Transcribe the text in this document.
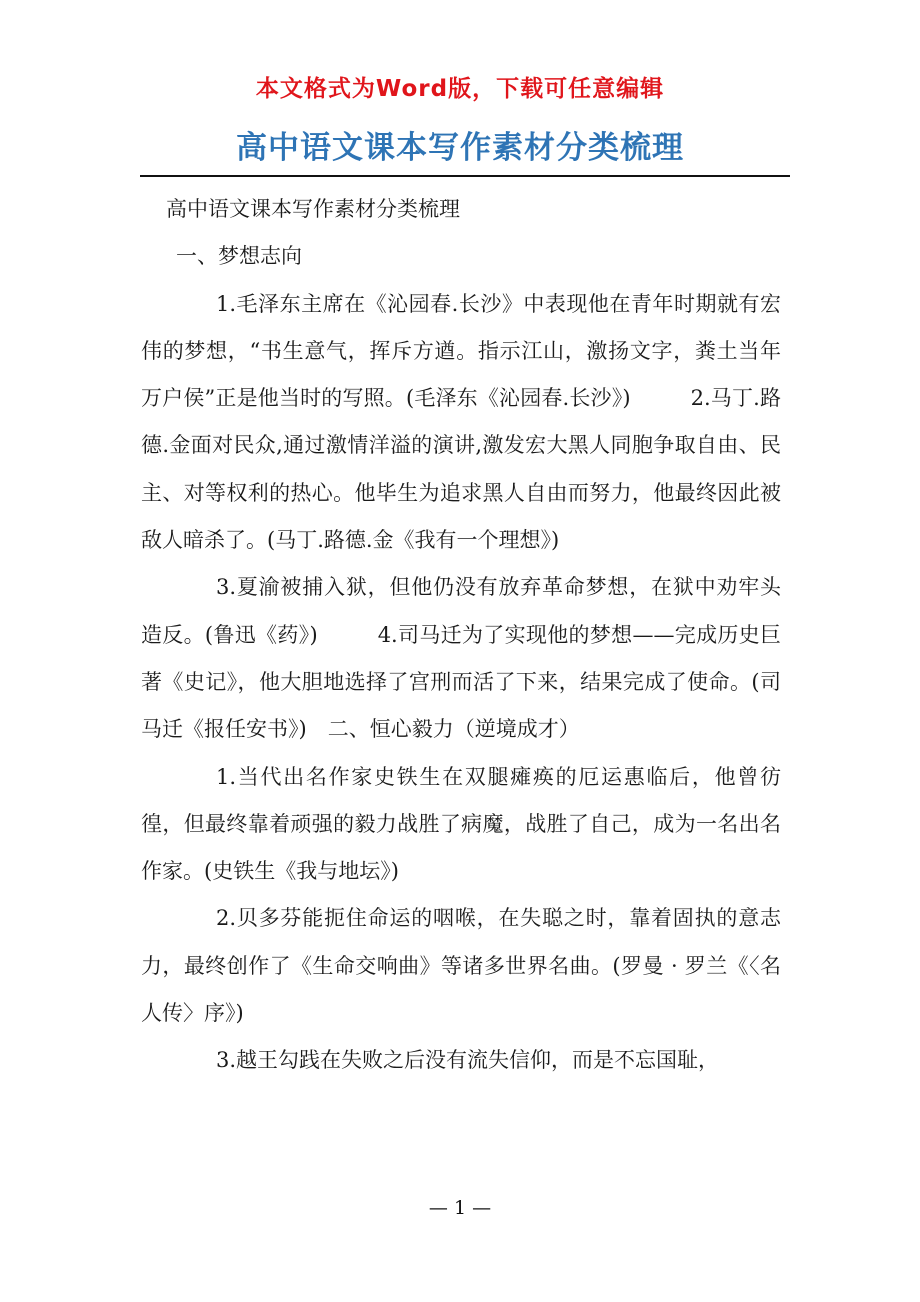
本文格式为Word版，下载可任意编辑
高中语文课本写作素材分类梳理

高中语文课本写作素材分类梳理

一、梦想志向

1.毛泽东主席在《沁园春.长沙》中表现他在青年时期就有宏伟的梦想，“书生意气，挥斥方遒。指示江山，激扬文字，粪土当年万户侯”正是他当时的写照。(毛泽东《沁园春.长沙》)	2.马丁.路德.金面对民众,通过激情洋溢的演讲,激发宏大黑人同胞争取自由、民主、对等权利的热心。他毕生为追求黑人自由而努力，他最终因此被敌人暗杀了。(马丁.路德.金《我有一个理想》)

3.夏渝被捕入狱，但他仍没有放弃革命梦想，在狱中劝牢头造反。(鲁迅《药》)	4.司马迁为了实现他的梦想——完成历史巨著《史记》，他大胆地选择了宫刑而活了下来，结果完成了使命。(司马迁《报任安书》)　 二、恒心毅力（逆境成才）

1.当代出名作家史铁生在双腿瘫痪的厄运惠临后，他曾彷徨，但最终靠着顽强的毅力战胜了病魔，战胜了自己，成为一名出名作家。(史铁生《我与地坛》)

2.贝多芬能扼住命运的咽喉，在失聪之时，靠着固执的意志力，最终创作了《生命交响曲》等诸多世界名曲。(罗曼 · 罗兰《〈名人传〉序》)

3.越王勾践在失败之后没有流失信仰，而是不忘国耻，

— 1 —
